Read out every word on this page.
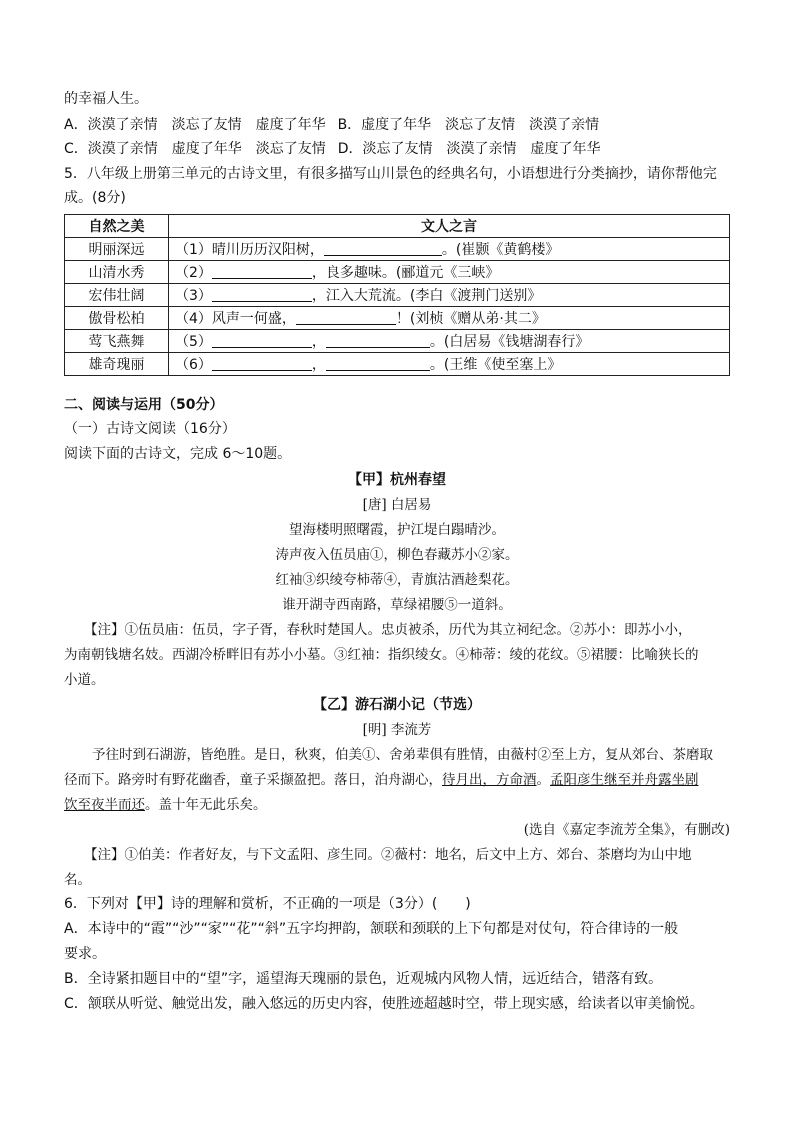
的幸福人生。
A．淡漠了亲情　淡忘了友情　虚度了年华 B．虚度了年华　淡忘了友情　淡漠了亲情
C．淡漠了亲情　虚度了年华　淡忘了友情 D．淡忘了友情　淡漠了亲情　虚度了年华
5．八年级上册第三单元的古诗文里，有很多描写山川景色的经典名句，小语想进行分类摘抄，请你帮他完
成。(8分)
自然之美	文人之言
明丽深远	（1）晴川历历汉阳树， 。(崔颢《黄鹤楼》
山清水秀	（2） ，良多趣味。(郦道元《三峡》
宏伟壮阔	（3） ，江入大荒流。(李白《渡荆门送别》
傲骨松柏	（4）风声一何盛， ！(刘桢《赠从弟·其二》
莺飞燕舞	（5） ， 。(白居易《钱塘湖春行》
雄奇瑰丽	（6） ， 。(王维《使至塞上》
二、阅读与运用（50分）
（一）古诗文阅读（16分）
阅读下面的古诗文，完成 6～10题。
【甲】杭州春望
[唐] 白居易
望海楼明照曙霞，护江堤白蹋晴沙。
涛声夜入伍员庙①，柳色春藏苏小②家。
红袖③织绫夸柿蒂④，青旗沽酒趁梨花。
谁开湖寺西南路，草绿裙腰⑤一道斜。
【注】①伍员庙：伍员，字子胥，春秋时楚国人。忠贞被杀，历代为其立祠纪念。②苏小：即苏小小，
为南朝钱塘名妓。西湖冷桥畔旧有苏小小墓。③红袖：指织绫女。④柿蒂：绫的花纹。⑤裙腰：比喻狭长的
小道。
【乙】游石湖小记（节选）
[明] 李流芳
予往时到石湖游，皆绝胜。是日，秋爽，伯美①、舍弟辈俱有胜情，由薇村②至上方，复从郊台、茶磨取
径而下。路旁时有野花幽香，童子采撷盈把。落日，泊舟湖心，待月出，方命酒。孟阳彦生继至并舟露坐剧
饮至夜半而还。盖十年无此乐矣。
(选自《嘉定李流芳全集》，有删改)
【注】①伯美：作者好友，与下文孟阳、彦生同。②薇村：地名，后文中上方、郊台、茶磨均为山中地
名。
6．下列对【甲】诗的理解和赏析，不正确的一项是（3分）(　　)
A．本诗中的“霞”“沙”“家”“花”“斜”五字均押韵，颔联和颈联的上下句都是对仗句，符合律诗的一般
要求。
B．全诗紧扣题目中的“望”字，遥望海天瑰丽的景色，近观城内风物人情，远近结合，错落有致。
C．颔联从听觉、触觉出发，融入悠远的历史内容，使胜迹超越时空，带上现实感，给读者以审美愉悦。
